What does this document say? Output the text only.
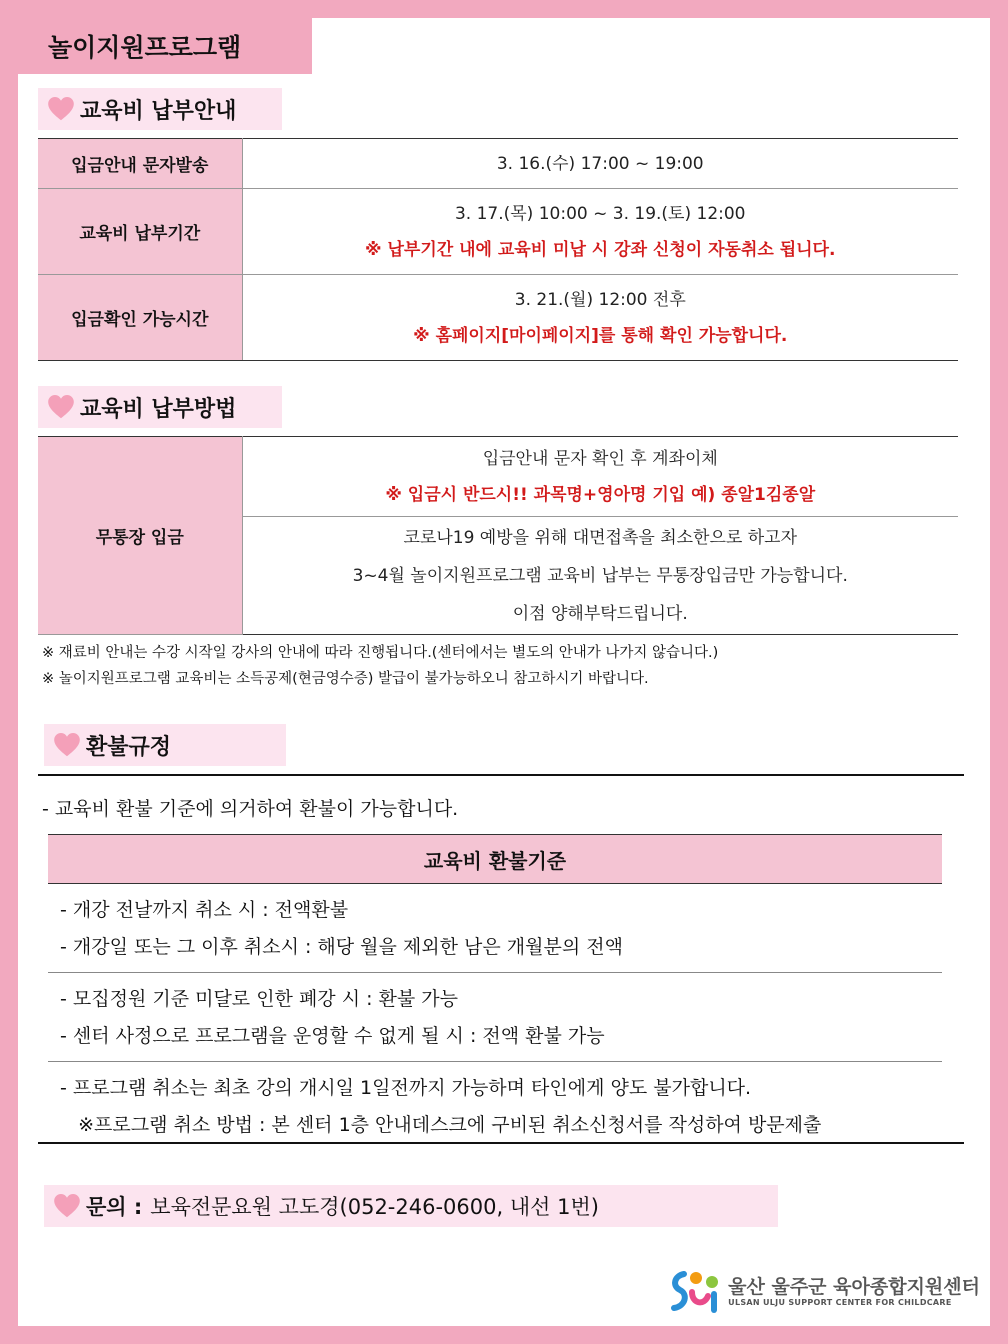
놀이지원프로그램
교육비 납부안내
입금안내 문자발송	3. 16.(수) 17:00 ~ 19:00

교육비 납부기간	3. 17.(목) 10:00 ~ 3. 19.(토) 12:00
※ 납부기간 내에 교육비 미납 시 강좌 신청이 자동취소 됩니다.

입금확인 가능시간	3. 21.(월) 12:00 전후
※ 홈페이지[마이페이지]를 통해 확인 가능합니다.
교육비 납부방법
무통장 입금	
입금안내 문자 확인 후 계좌이체
※ 입금시 반드시!! 과목명+영아명 기입 예) 종알1김종알

코로나19 예방을 위해 대면접촉을 최소한으로 하고자
3~4월 놀이지원프로그램 교육비 납부는 무통장입금만 가능합니다.
이점 양해부탁드립니다.
※ 재료비 안내는 수강 시작일 강사의 안내에 따라 진행됩니다.(센터에서는 별도의 안내가 나가지 않습니다.)
※ 놀이지원프로그램 교육비는 소득공제(현금영수증) 발급이 불가능하오니 참고하시기 바랍니다.
환불규정
- 교육비 환불 기준에 의거하여 환불이 가능합니다.
교육비 환불기준
- 개강 전날까지 취소 시 : 전액환불
- 개강일 또는 그 이후 취소시 : 해당 월을 제외한 남은 개월분의 전액
- 모집정원 기준 미달로 인한 폐강 시 : 환불 가능
- 센터 사정으로 프로그램을 운영할 수 없게 될 시 : 전액 환불 가능
- 프로그램 취소는 최초 강의 개시일 1일전까지 가능하며 타인에게 양도 불가합니다.
※프로그램 취소 방법 : 본 센터 1층 안내데스크에 구비된 취소신청서를 작성하여 방문제출
문의 : 보육전문요원 고도경(052-246-0600, 내선 1번)
울산 울주군 육아종합지원센터
ULSAN ULJU SUPPORT CENTER FOR CHILDCARE
